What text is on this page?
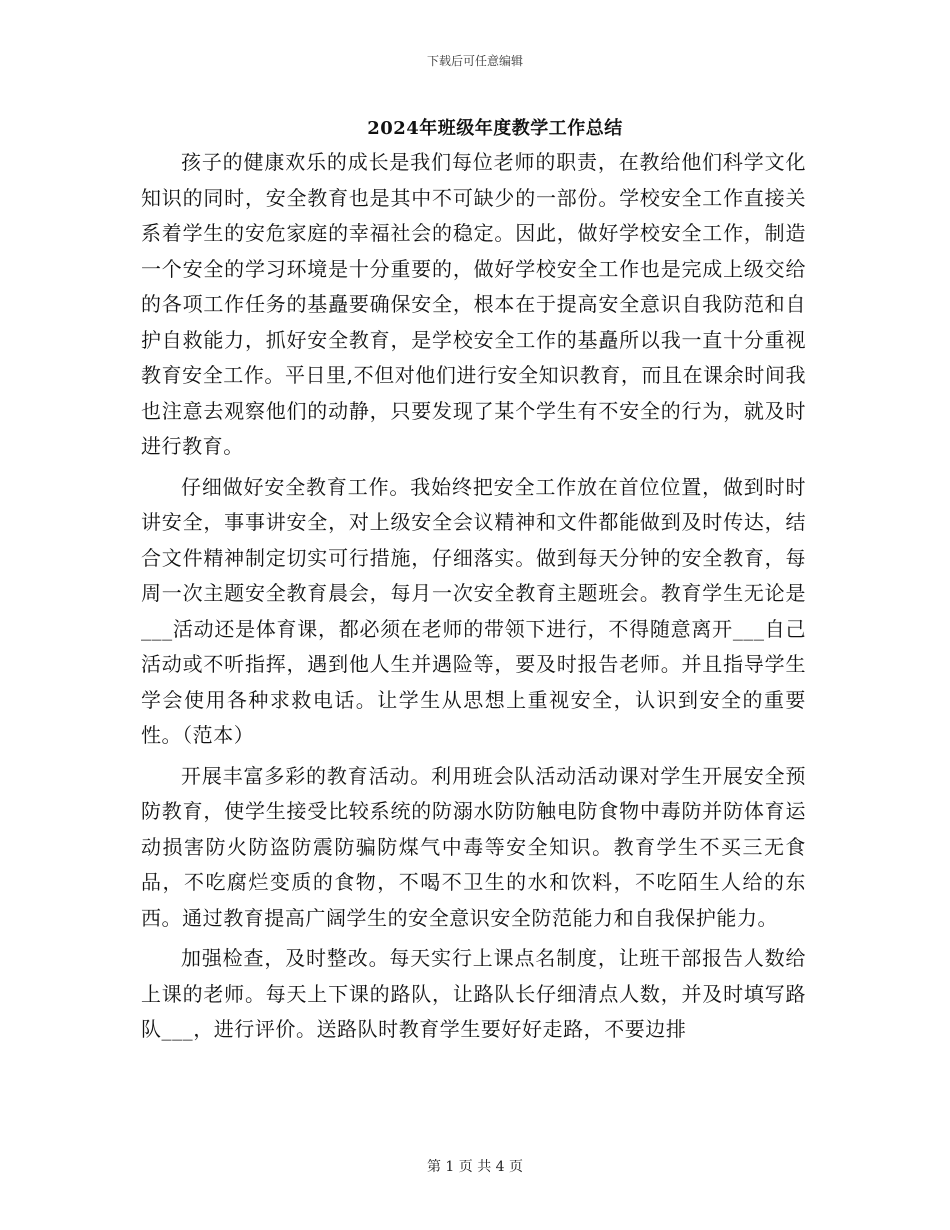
下载后可任意编辑
2024年班级年度教学工作总结

孩子的健康欢乐的成长是我们每位老师的职责，在教给他们科学文化知识的同时，安全教育也是其中不可缺少的一部份。学校安全工作直接关系着学生的安危家庭的幸福社会的稳定。因此，做好学校安全工作，制造一个安全的学习环境是十分重要的，做好学校安全工作也是完成上级交给的各项工作任务的基矗要确保安全，根本在于提高安全意识自我防范和自护自救能力，抓好安全教育，是学校安全工作的基矗所以我一直十分重视教育安全工作。平日里,不但对他们进行安全知识教育，而且在课余时间我也注意去观察他们的动静，只要发现了某个学生有不安全的行为，就及时进行教育。

仔细做好安全教育工作。我始终把安全工作放在首位位置，做到时时讲安全，事事讲安全，对上级安全会议精神和文件都能做到及时传达，结合文件精神制定切实可行措施，仔细落实。做到每天分钟的安全教育，每周一次主题安全教育晨会，每月一次安全教育主题班会。教育学生无论是___活动还是体育课，都必须在老师的带领下进行，不得随意离开___自己活动或不听指挥，遇到他人生并遇险等，要及时报告老师。并且指导学生学会使用各种求救电话。让学生从思想上重视安全，认识到安全的重要性。（范本）

开展丰富多彩的教育活动。利用班会队活动活动课对学生开展安全预防教育，使学生接受比较系统的防溺水防防触电防食物中毒防并防体育运动损害防火防盗防震防骗防煤气中毒等安全知识。教育学生不买三无食品，不吃腐烂变质的食物，不喝不卫生的水和饮料，不吃陌生人给的东西。通过教育提高广阔学生的安全意识安全防范能力和自我保护能力。

加强检查，及时整改。每天实行上课点名制度，让班干部报告人数给上课的老师。每天上下课的路队，让路队长仔细清点人数，并及时填写路队___，进行评价。送路队时教育学生要好好走路，不要边排

第 1 页 共 4 页
